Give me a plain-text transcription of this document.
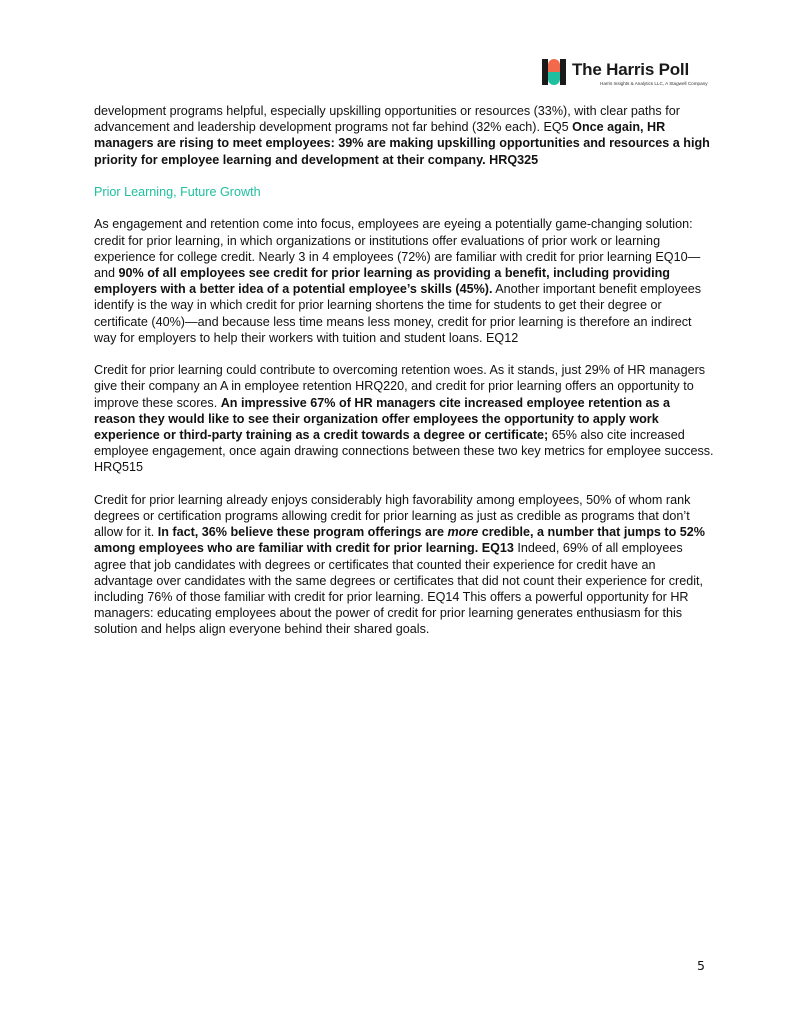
The Harris Poll
Harris Insights & Analytics LLC, A Stagwell Company

development programs helpful, especially upskilling opportunities or resources (33%), with clear paths for advancement and leadership development programs not far behind (32% each). EQ5 Once again, HR managers are rising to meet employees: 39% are making upskilling opportunities and resources a high priority for employee learning and development at their company. HRQ325

Prior Learning, Future Growth

As engagement and retention come into focus, employees are eyeing a potentially game-changing solution: credit for prior learning, in which organizations or institutions offer evaluations of prior work or learning experience for college credit. Nearly 3 in 4 employees (72%) are familiar with credit for prior learning EQ10—and 90% of all employees see credit for prior learning as providing a benefit, including providing employers with a better idea of a potential employee’s skills (45%). Another important benefit employees identify is the way in which credit for prior learning shortens the time for students to get their degree or certificate (40%)—and because less time means less money, credit for prior learning is therefore an indirect way for employers to help their workers with tuition and student loans. EQ12

Credit for prior learning could contribute to overcoming retention woes. As it stands, just 29% of HR managers give their company an A in employee retention HRQ220, and credit for prior learning offers an opportunity to improve these scores. An impressive 67% of HR managers cite increased employee retention as a reason they would like to see their organization offer employees the opportunity to apply work experience or third-party training as a credit towards a degree or certificate; 65% also cite increased employee engagement, once again drawing connections between these two key metrics for employee success. HRQ515

Credit for prior learning already enjoys considerably high favorability among employees, 50% of whom rank degrees or certification programs allowing credit for prior learning as just as credible as programs that don’t allow for it. In fact, 36% believe these program offerings are more credible, a number that jumps to 52% among employees who are familiar with credit for prior learning. EQ13 Indeed, 69% of all employees agree that job candidates with degrees or certificates that counted their experience for credit have an advantage over candidates with the same degrees or certificates that did not count their experience for credit, including 76% of those familiar with credit for prior learning. EQ14 This offers a powerful opportunity for HR managers: educating employees about the power of credit for prior learning generates enthusiasm for this solution and helps align everyone behind their shared goals.

5
